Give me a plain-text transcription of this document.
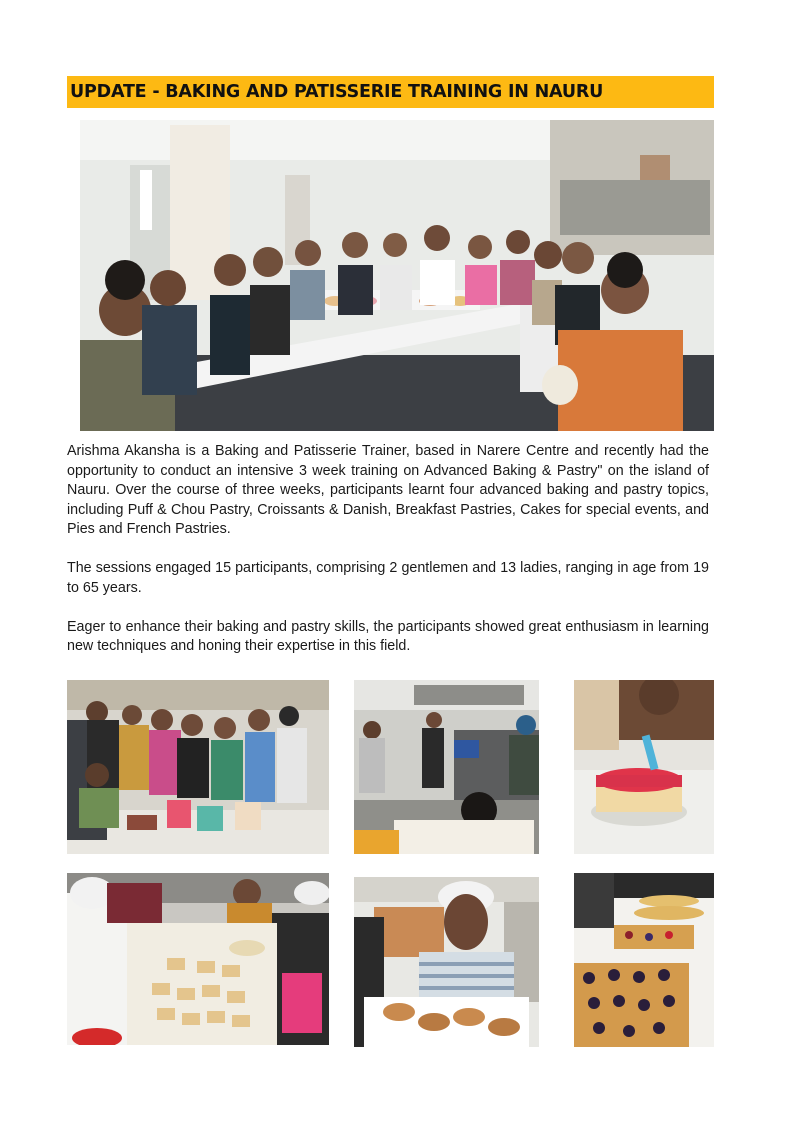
UPDATE - BAKING AND PATISSERIE TRAINING IN NAURU

Arishma Akansha is a Baking and Patisserie Trainer, based in Narere Centre and recently had the opportunity to conduct an intensive 3 week training on Advanced Baking & Pastry" on the island of Nauru. Over the course of three weeks, participants learnt four advanced baking and pastry topics, including Puff & Chou Pastry, Croissants & Danish, Breakfast Pastries, Cakes for special events, and Pies and French Pastries.

The sessions engaged 15 participants, comprising 2 gentlemen and 13 ladies, ranging in age from 19 to 65 years.

Eager to enhance their baking and pastry skills, the participants showed great enthusiasm in learning new techniques and honing their expertise in this field.
